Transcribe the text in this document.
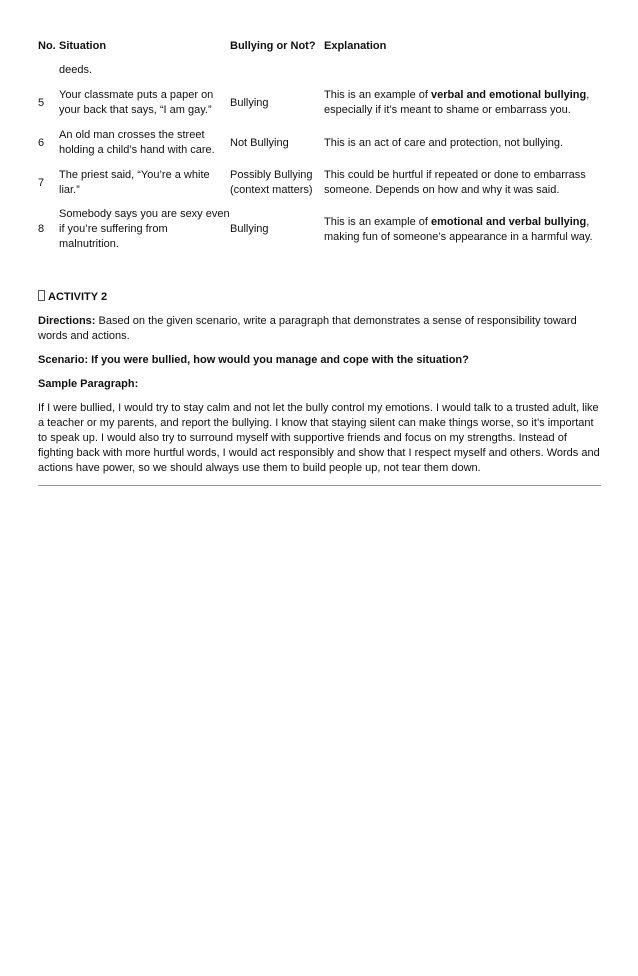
No.	Situation	Bullying or Not?	Explanation
	deeds.		
5	Your classmate puts a paper on your back that says, “I am gay.”	Bullying	This is an example of verbal and emotional bullying, especially if it’s meant to shame or embarrass you.
6	An old man crosses the street holding a child’s hand with care.	Not Bullying	This is an act of care and protection, not bullying.
7	The priest said, “You’re a white liar.”	Possibly Bullying (context matters)	This could be hurtful if repeated or done to embarrass someone. Depends on how and why it was said.
8	Somebody says you are sexy even if you’re suffering from malnutrition.	Bullying	This is an example of emotional and verbal bullying, making fun of someone’s appearance in a harmful way.
ACTIVITY 2

Directions: Based on the given scenario, write a paragraph that demonstrates a sense of responsibility toward words and actions.

Scenario: If you were bullied, how would you manage and cope with the situation?

Sample Paragraph:

If I were bullied, I would try to stay calm and not let the bully control my emotions. I would talk to a trusted adult, like a teacher or my parents, and report the bullying. I know that staying silent can make things worse, so it’s important to speak up. I would also try to surround myself with supportive friends and focus on my strengths. Instead of fighting back with more hurtful words, I would act responsibly and show that I respect myself and others. Words and actions have power, so we should always use them to build people up, not tear them down.
